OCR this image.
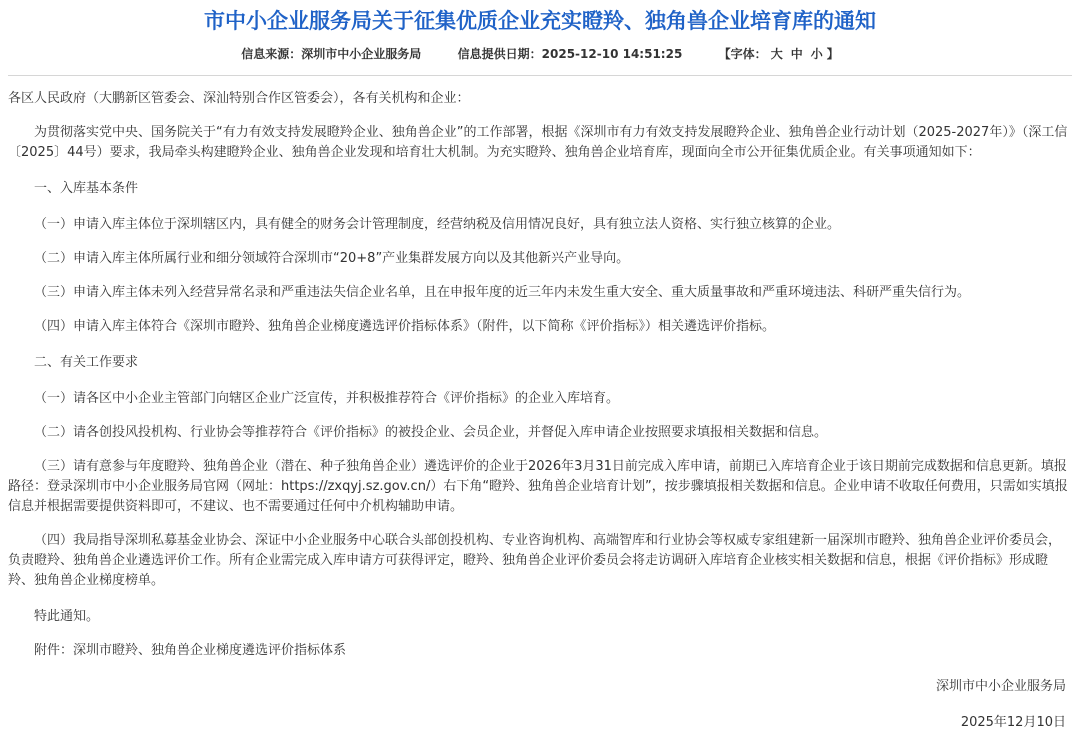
市中小企业服务局关于征集优质企业充实瞪羚、独角兽企业培育库的通知
信息来源：深圳市中小企业服务局	信息提供日期：2025-12-10 14:51:25	【字体： 大 中 小 】

各区人民政府（大鹏新区管委会、深汕特别合作区管委会），各有关机构和企业：

为贯彻落实党中央、国务院关于“有力有效支持发展瞪羚企业、独角兽企业”的工作部署，根据《深圳市有力有效支持发展瞪羚企业、独角兽企业行动计划（2025-2027年）》（深工信〔2025〕44号）要求，我局牵头构建瞪羚企业、独角兽企业发现和培育壮大机制。为充实瞪羚、独角兽企业培育库，现面向全市公开征集优质企业。有关事项通知如下：

一、入库基本条件

（一）申请入库主体位于深圳辖区内，具有健全的财务会计管理制度，经营纳税及信用情况良好，具有独立法人资格、实行独立核算的企业。

（二）申请入库主体所属行业和细分领域符合深圳市“20+8”产业集群发展方向以及其他新兴产业导向。

（三）申请入库主体未列入经营异常名录和严重违法失信企业名单，且在申报年度的近三年内未发生重大安全、重大质量事故和严重环境违法、科研严重失信行为。

（四）申请入库主体符合《深圳市瞪羚、独角兽企业梯度遴选评价指标体系》（附件，以下简称《评价指标》）相关遴选评价指标。

二、有关工作要求

（一）请各区中小企业主管部门向辖区企业广泛宣传，并积极推荐符合《评价指标》的企业入库培育。

（二）请各创投风投机构、行业协会等推荐符合《评价指标》的被投企业、会员企业，并督促入库申请企业按照要求填报相关数据和信息。

（三）请有意参与年度瞪羚、独角兽企业（潜在、种子独角兽企业）遴选评价的企业于2026年3月31日前完成入库申请，前期已入库培育企业于该日期前完成数据和信息更新。填报路径：登录深圳市中小企业服务局官网（网址：https://zxqyj.sz.gov.cn/）右下角“瞪羚、独角兽企业培育计划”，按步骤填报相关数据和信息。企业申请不收取任何费用，只需如实填报信息并根据需要提供资料即可，不建议、也不需要通过任何中介机构辅助申请。

（四）我局指导深圳私募基金业协会、深证中小企业服务中心联合头部创投机构、专业咨询机构、高端智库和行业协会等权威专家组建新一届深圳市瞪羚、独角兽企业评价委员会，负责瞪羚、独角兽企业遴选评价工作。所有企业需完成入库申请方可获得评定，瞪羚、独角兽企业评价委员会将走访调研入库培育企业核实相关数据和信息，根据《评价指标》形成瞪羚、独角兽企业梯度榜单。

特此通知。

附件：深圳市瞪羚、独角兽企业梯度遴选评价指标体系

深圳市中小企业服务局

2025年12月10日
